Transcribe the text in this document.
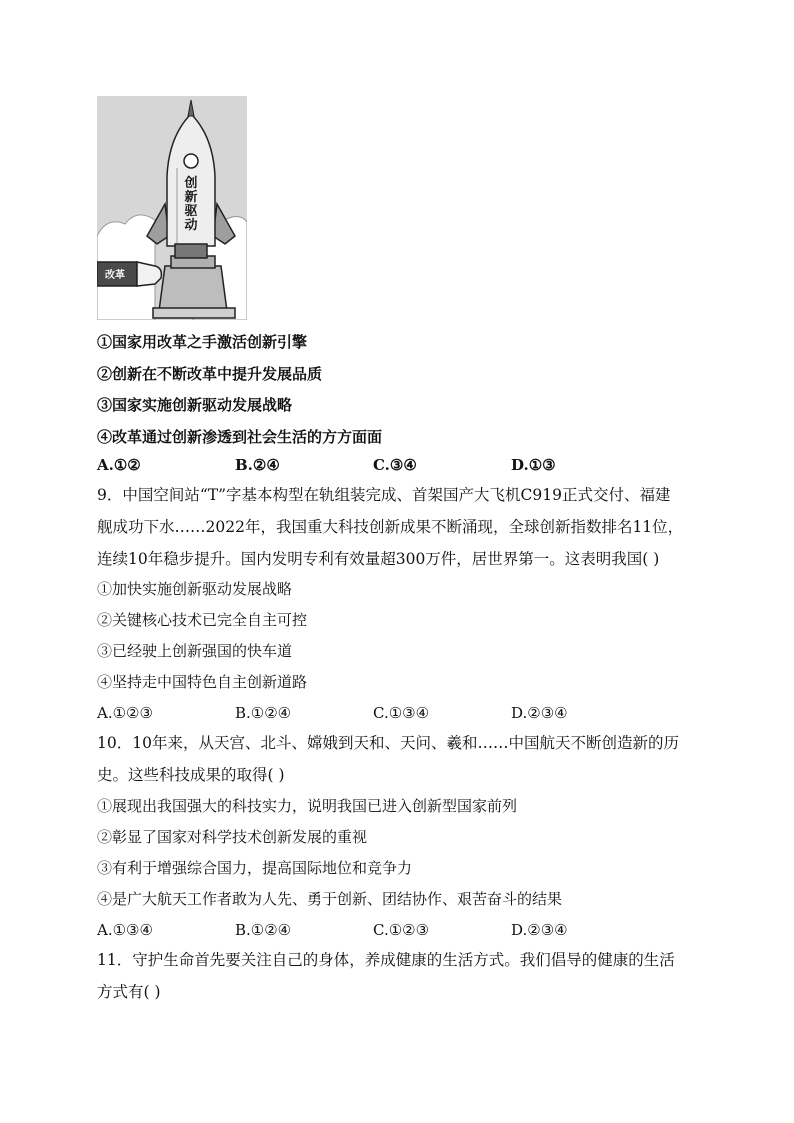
创
新
驱
动
改革
①国家用改革之手激活创新引擎
②创新在不断改革中提升发展品质
③国家实施创新驱动发展战略
④改革通过创新渗透到社会生活的方方面面
A.①②	B.②④	C.③④	D.①③
9．中国空间站“T”字基本构型在轨组装完成、首架国产大飞机C919正式交付、福建
舰成功下水……2022年，我国重大科技创新成果不断涌现，全球创新指数排名11位，
连续10年稳步提升。国内发明专利有效量超300万件，居世界第一。这表明我国( )
①加快实施创新驱动发展战略
②关键核心技术已完全自主可控
③已经驶上创新强国的快车道
④坚持走中国特色自主创新道路
A.①②③	B.①②④	C.①③④	D.②③④
10．10年来，从天宫、北斗、嫦娥到天和、天问、羲和……中国航天不断创造新的历
史。这些科技成果的取得( )
①展现出我国强大的科技实力，说明我国已进入创新型国家前列
②彰显了国家对科学技术创新发展的重视
③有利于增强综合国力，提高国际地位和竞争力
④是广大航天工作者敢为人先、勇于创新、团结协作、艰苦奋斗的结果
A.①③④	B.①②④	C.①②③	D.②③④
11．守护生命首先要关注自己的身体，养成健康的生活方式。我们倡导的健康的生活
方式有( )
